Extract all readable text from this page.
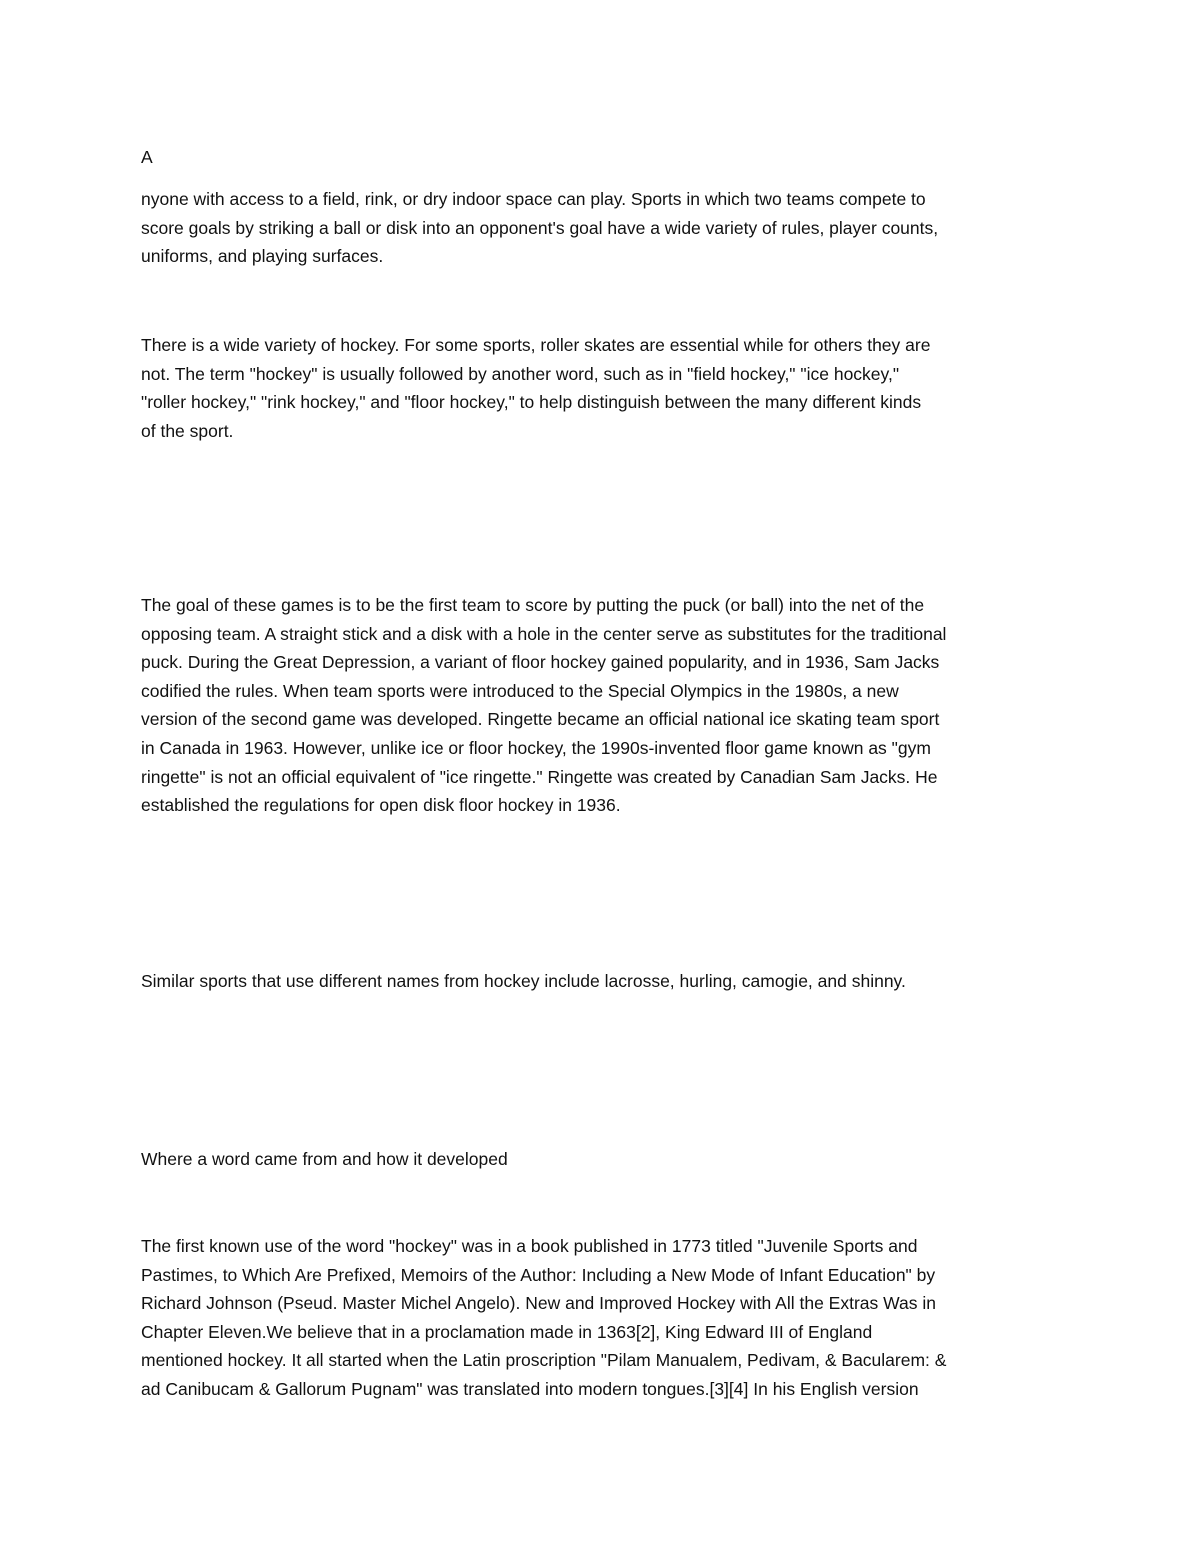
A
nyone with access to a field, rink, or dry indoor space can play. Sports in which two teams compete to
score goals by striking a ball or disk into an opponent's goal have a wide variety of rules, player counts,
uniforms, and playing surfaces.
There is a wide variety of hockey. For some sports, roller skates are essential while for others they are
not. The term "hockey" is usually followed by another word, such as in "field hockey," "ice hockey,"
"roller hockey," "rink hockey," and "floor hockey," to help distinguish between the many different kinds
of the sport.
The goal of these games is to be the first team to score by putting the puck (or ball) into the net of the
opposing team. A straight stick and a disk with a hole in the center serve as substitutes for the traditional
puck. During the Great Depression, a variant of floor hockey gained popularity, and in 1936, Sam Jacks
codified the rules. When team sports were introduced to the Special Olympics in the 1980s, a new
version of the second game was developed. Ringette became an official national ice skating team sport
in Canada in 1963. However, unlike ice or floor hockey, the 1990s-invented floor game known as "gym
ringette" is not an official equivalent of "ice ringette." Ringette was created by Canadian Sam Jacks. He
established the regulations for open disk floor hockey in 1936.
Similar sports that use different names from hockey include lacrosse, hurling, camogie, and shinny.
Where a word came from and how it developed
The first known use of the word "hockey" was in a book published in 1773 titled "Juvenile Sports and
Pastimes, to Which Are Prefixed, Memoirs of the Author: Including a New Mode of Infant Education" by
Richard Johnson (Pseud. Master Michel Angelo). New and Improved Hockey with All the Extras Was in
Chapter Eleven.We believe that in a proclamation made in 1363[2], King Edward III of England
mentioned hockey. It all started when the Latin proscription "Pilam Manualem, Pedivam, & Bacularem: &
ad Canibucam & Gallorum Pugnam" was translated into modern tongues.[3][4] In his English version
